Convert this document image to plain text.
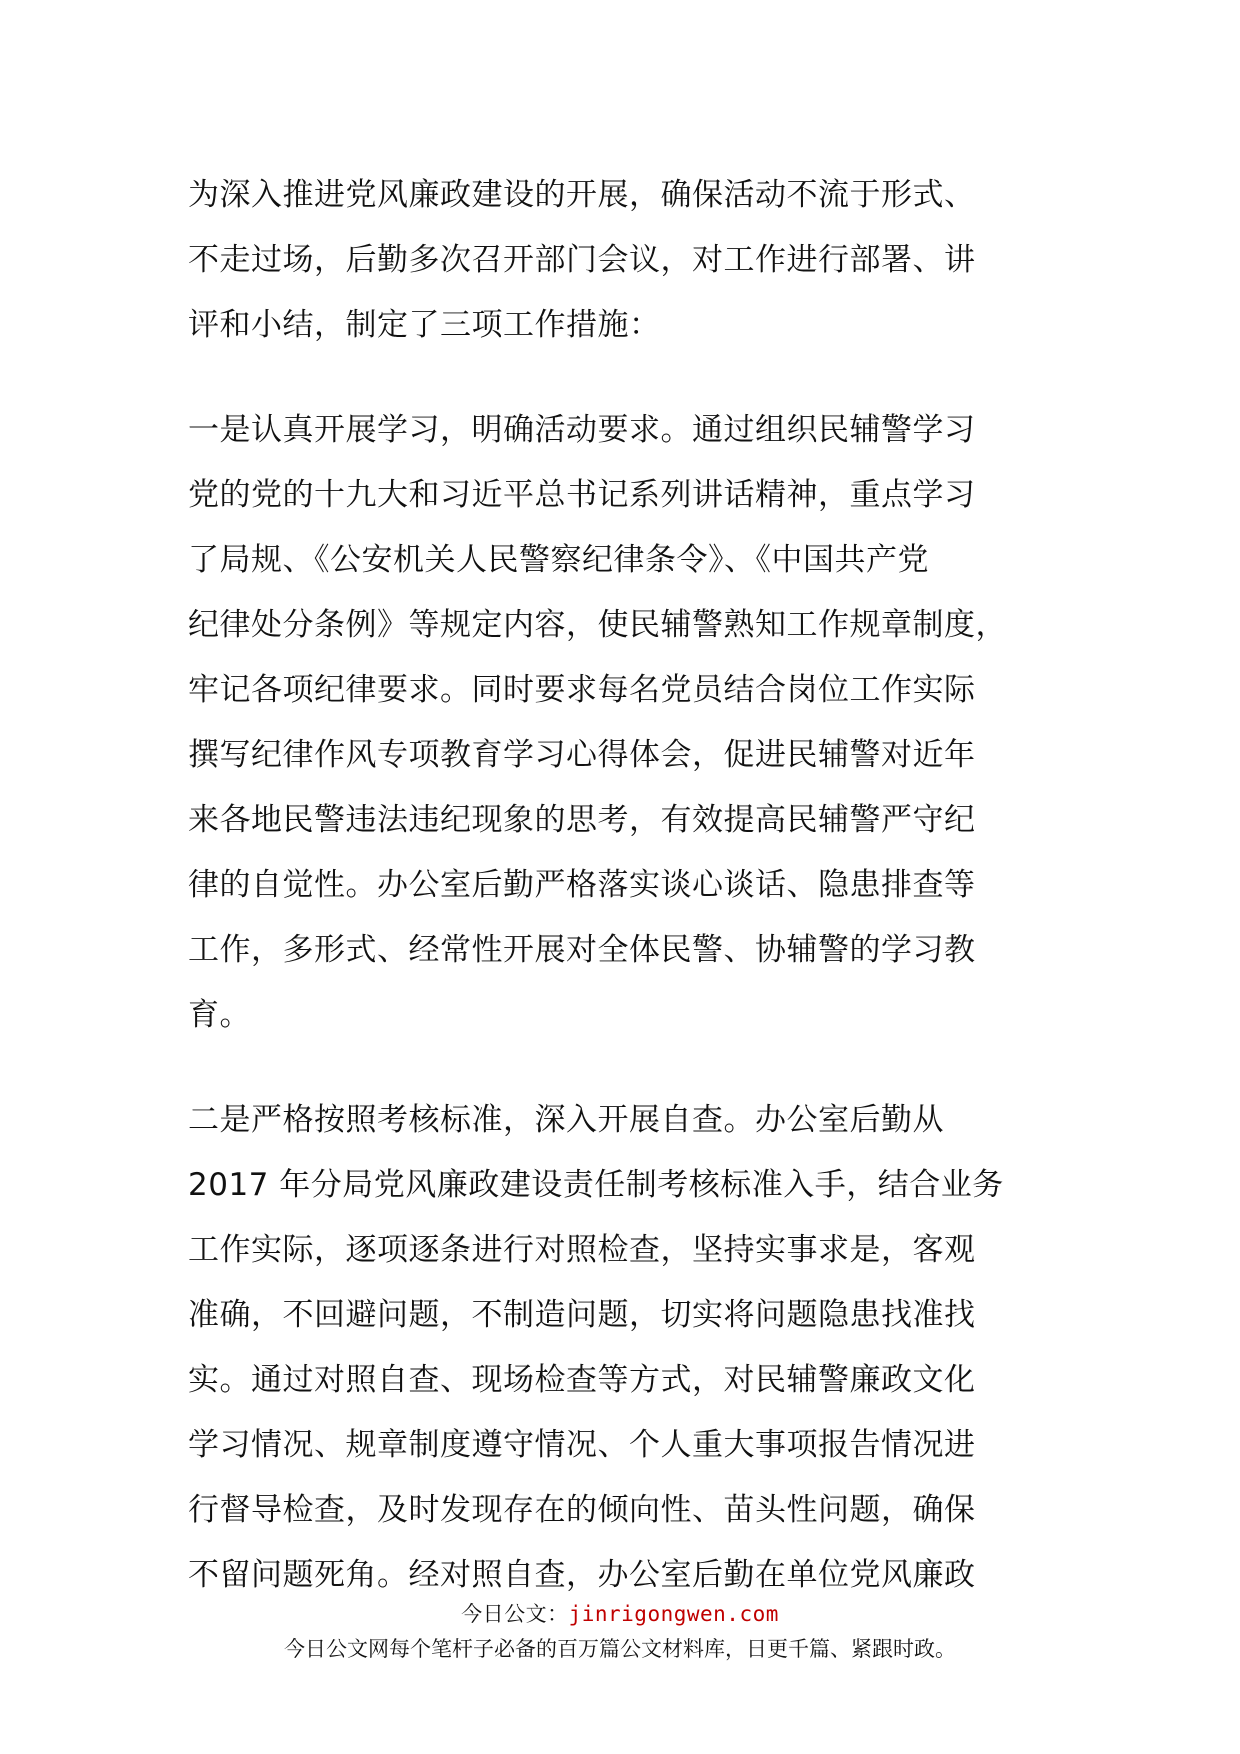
为深入推进党风廉政建设的开展，确保活动不流于形式、
不走过场，后勤多次召开部门会议，对工作进行部署、讲
评和小结，制定了三项工作措施：
一是认真开展学习，明确活动要求。通过组织民辅警学习
党的党的十九大和习近平总书记系列讲话精神，重点学习
了局规、《公安机关人民警察纪律条令》、《中国共产党
纪律处分条例》等规定内容，使民辅警熟知工作规章制度，
牢记各项纪律要求。同时要求每名党员结合岗位工作实际
撰写纪律作风专项教育学习心得体会，促进民辅警对近年
来各地民警违法违纪现象的思考，有效提高民辅警严守纪
律的自觉性。办公室后勤严格落实谈心谈话、隐患排查等
工作，多形式、经常性开展对全体民警、协辅警的学习教
育。
二是严格按照考核标准，深入开展自查。办公室后勤从
2017 年分局党风廉政建设责任制考核标准入手，结合业务
工作实际，逐项逐条进行对照检查，坚持实事求是，客观
准确，不回避问题，不制造问题，切实将问题隐患找准找
实。通过对照自查、现场检查等方式，对民辅警廉政文化
学习情况、规章制度遵守情况、个人重大事项报告情况进
行督导检查，及时发现存在的倾向性、苗头性问题，确保
不留问题死角。经对照自查，办公室后勤在单位党风廉政
今日公文：jinrigongwen.com
今日公文网每个笔杆子必备的百万篇公文材料库，日更千篇、紧跟时政。
